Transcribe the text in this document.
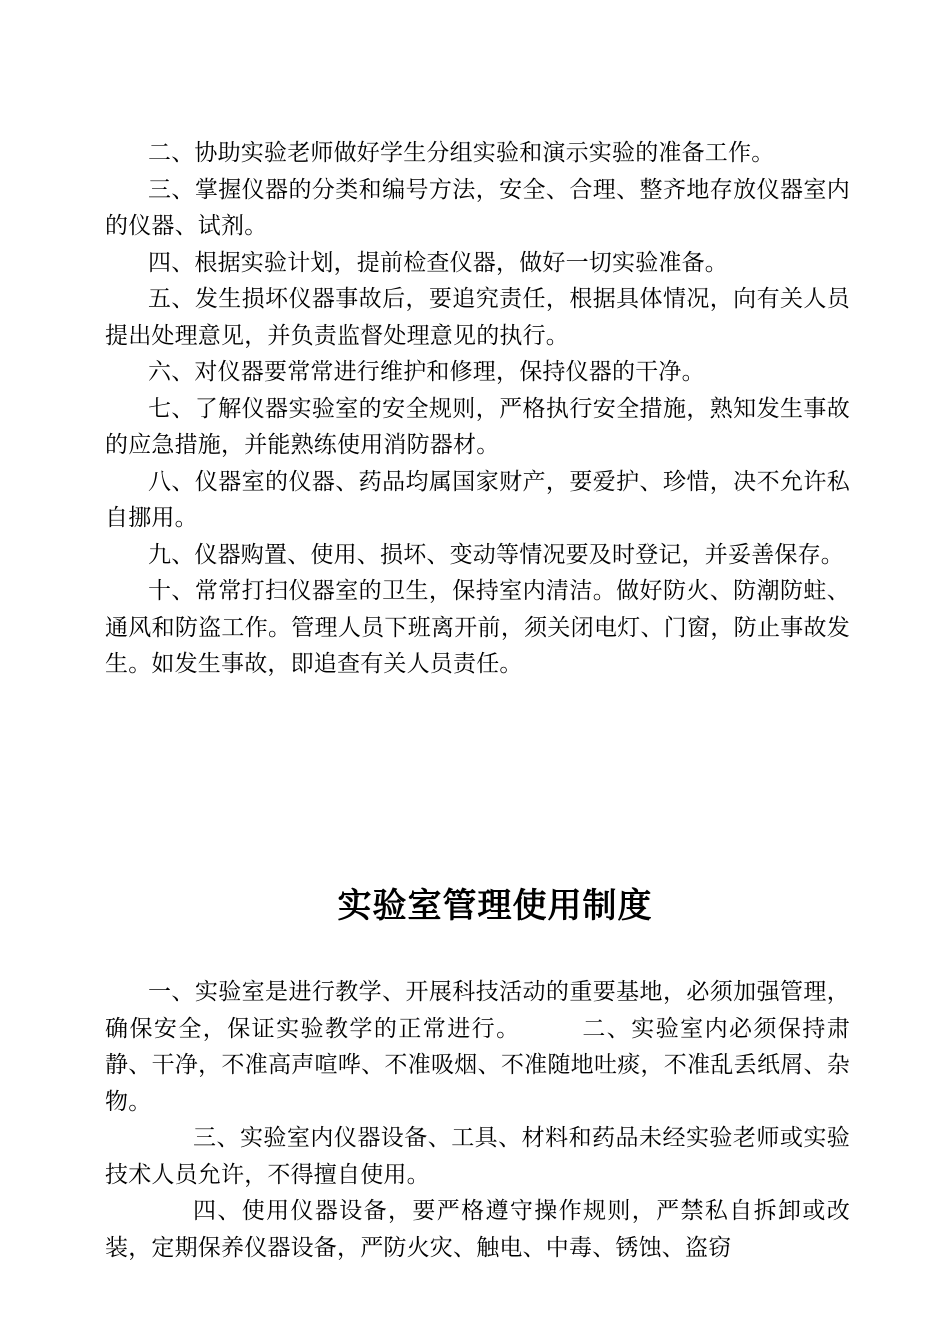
二、协助实验老师做好学生分组实验和演示实验的准备工作。

三、掌握仪器的分类和编号方法，安全、合理、整齐地存放仪器室内的仪器、试剂。

四、根据实验计划，提前检查仪器，做好一切实验准备。

五、发生损坏仪器事故后，要追究责任，根据具体情况，向有关人员提出处理意见，并负责监督处理意见的执行。

六、对仪器要常常进行维护和修理，保持仪器的干净。

七、了解仪器实验室的安全规则，严格执行安全措施，熟知发生事故的应急措施，并能熟练使用消防器材。

八、仪器室的仪器、药品均属国家财产，要爱护、珍惜，决不允许私自挪用。

九、仪器购置、使用、损坏、变动等情况要及时登记，并妥善保存。

十、常常打扫仪器室的卫生，保持室内清洁。做好防火、防潮防蛀、通风和防盗工作。管理人员下班离开前，须关闭电灯、门窗，防止事故发生。如发生事故，即追查有关人员责任。

实验室管理使用制度

一、实验室是进行教学、开展科技活动的重要基地，必须加强管理，确保安全，保证实验教学的正常进行。　　　二、实验室内必须保持肃静、干净，不准高声喧哗、不准吸烟、不准随地吐痰，不准乱丢纸屑、杂物。

三、实验室内仪器设备、工具、材料和药品未经实验老师或实验技术人员允许，不得擅自使用。

四、使用仪器设备，要严格遵守操作规则，严禁私自拆卸或改装，定期保养仪器设备，严防火灾、触电、中毒、锈蚀、盗窃
